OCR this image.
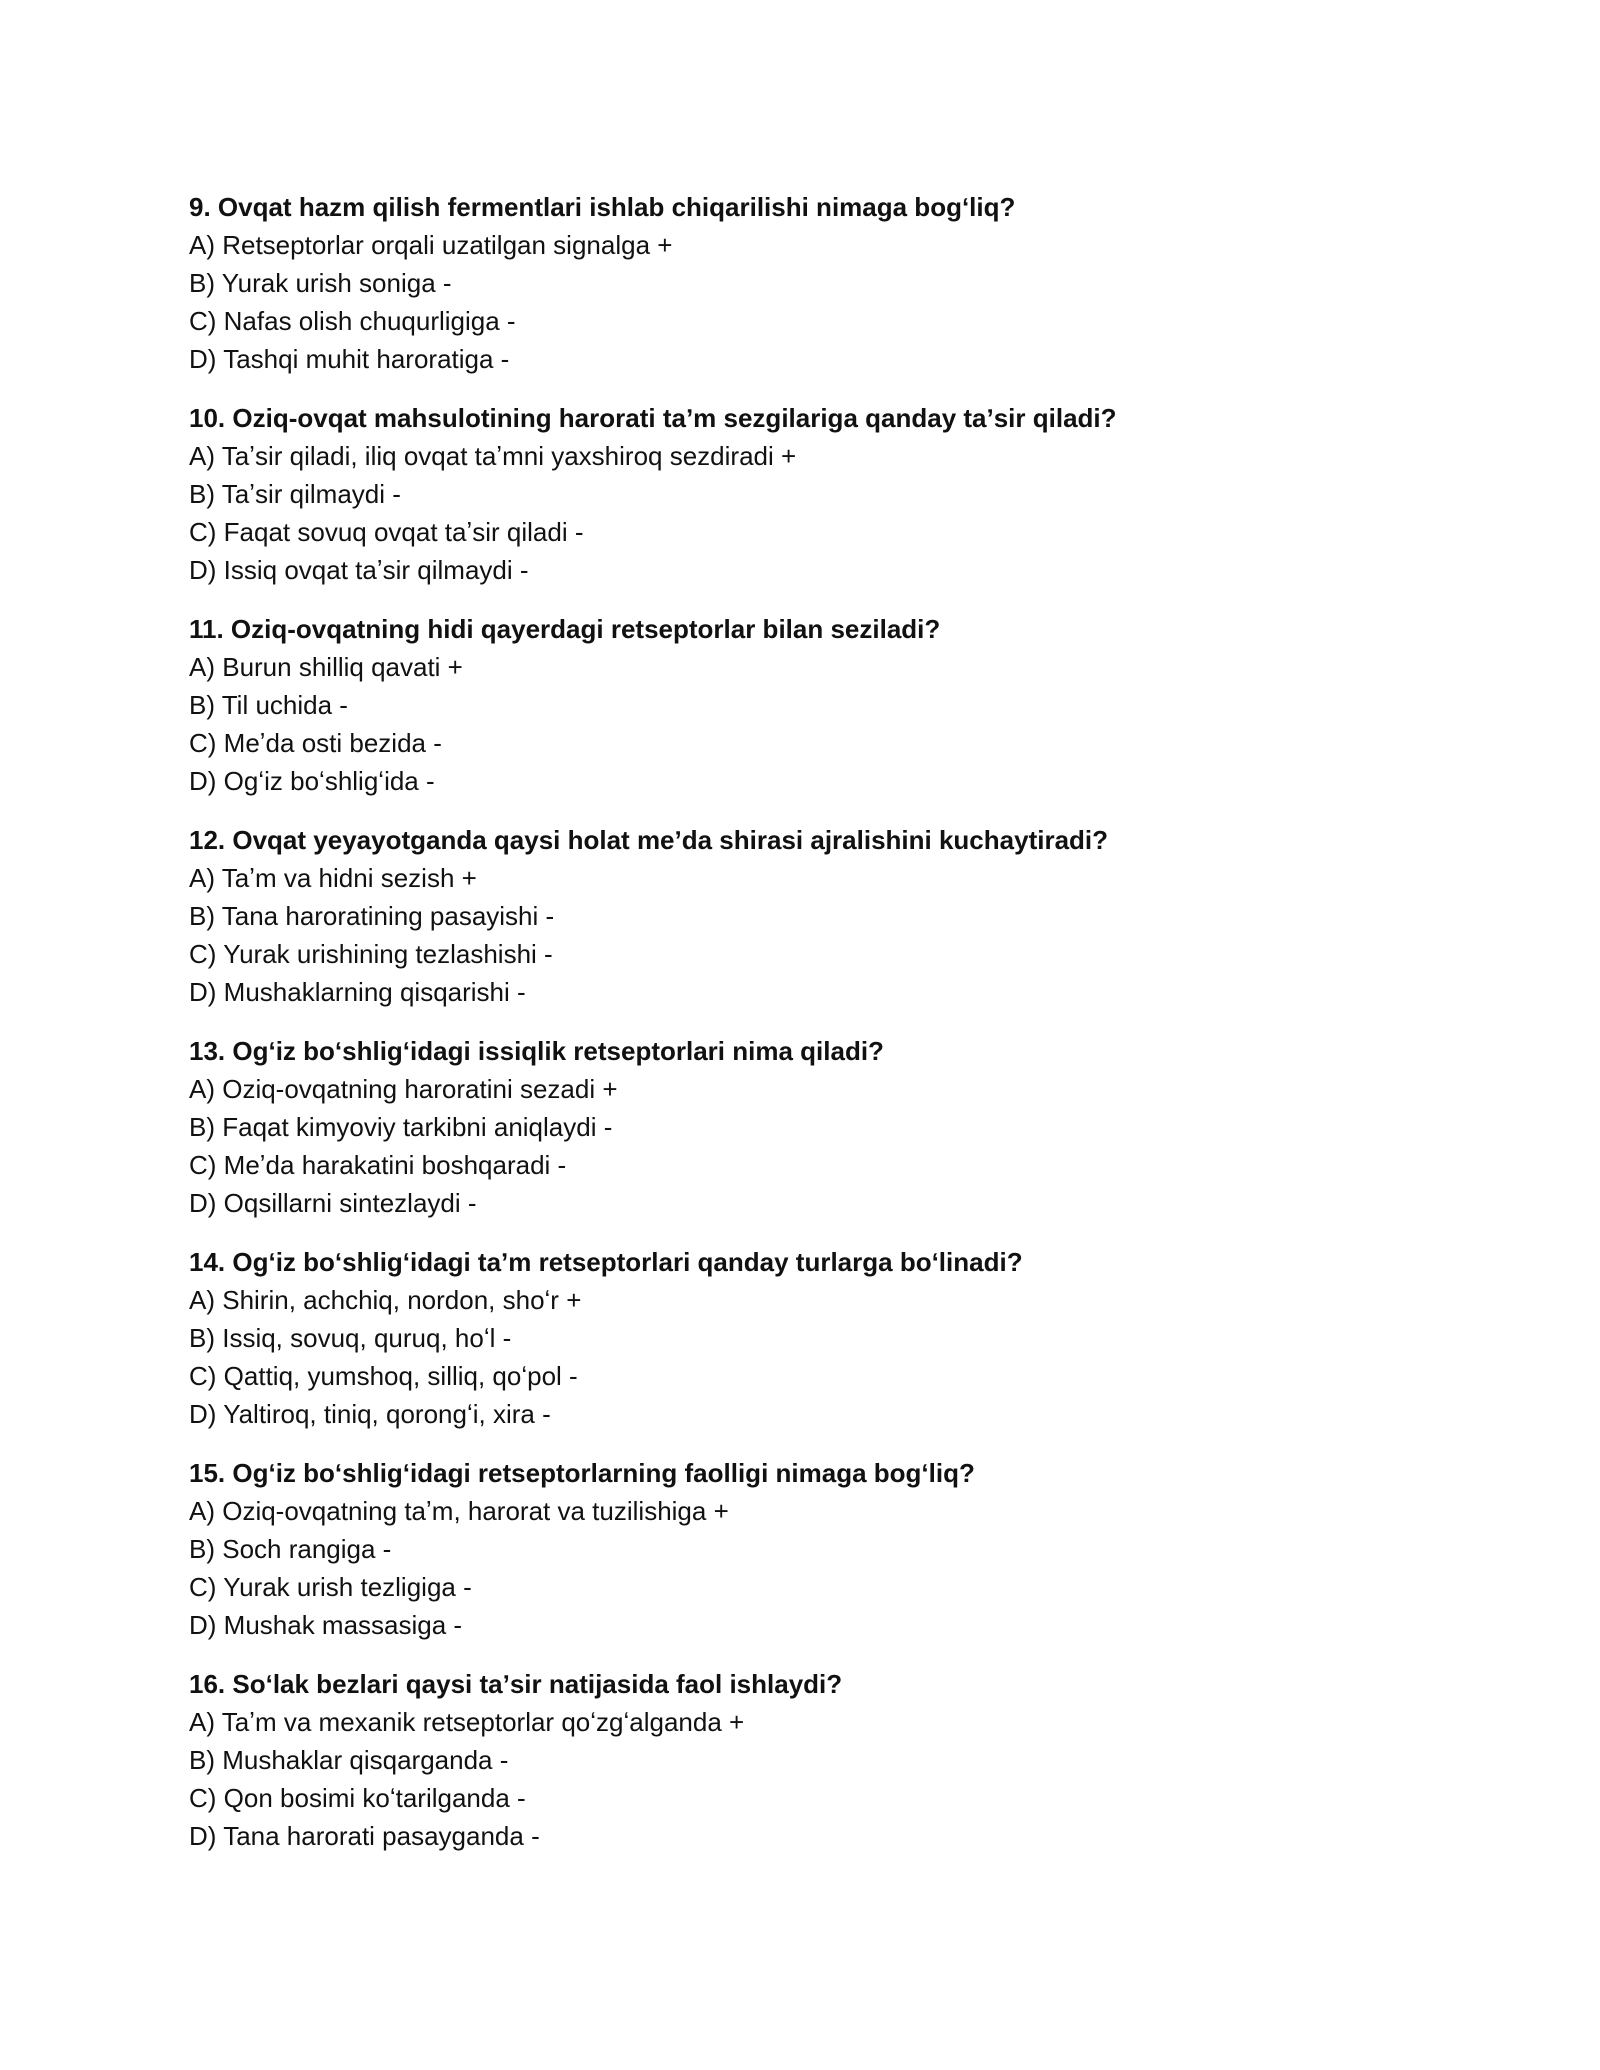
9. Ovqat hazm qilish fermentlari ishlab chiqarilishi nimaga bogʻliq?
A) Retseptorlar orqali uzatilgan signalga +
B) Yurak urish soniga -
C) Nafas olish chuqurligiga -
D) Tashqi muhit haroratiga -
10. Oziq-ovqat mahsulotining harorati taʼm sezgilariga qanday taʼsir qiladi?
A) Taʼsir qiladi, iliq ovqat taʼmni yaxshiroq sezdiradi +
B) Taʼsir qilmaydi -
C) Faqat sovuq ovqat taʼsir qiladi -
D) Issiq ovqat taʼsir qilmaydi -
11. Oziq-ovqatning hidi qayerdagi retseptorlar bilan seziladi?
A) Burun shilliq qavati +
B) Til uchida -
C) Meʼda osti bezida -
D) Ogʻiz boʻshligʻida -
12. Ovqat yeyayotganda qaysi holat meʼda shirasi ajralishini kuchaytiradi?
A) Taʼm va hidni sezish +
B) Tana haroratining pasayishi -
C) Yurak urishining tezlashishi -
D) Mushaklarning qisqarishi -
13. Ogʻiz boʻshligʻidagi issiqlik retseptorlari nima qiladi?
A) Oziq-ovqatning haroratini sezadi +
B) Faqat kimyoviy tarkibni aniqlaydi -
C) Meʼda harakatini boshqaradi -
D) Oqsillarni sintezlaydi -
14. Ogʻiz boʻshligʻidagi taʼm retseptorlari qanday turlarga boʻlinadi?
A) Shirin, achchiq, nordon, shoʻr +
B) Issiq, sovuq, quruq, hoʻl -
C) Qattiq, yumshoq, silliq, qoʻpol -
D) Yaltiroq, tiniq, qorongʻi, xira -
15. Ogʻiz boʻshligʻidagi retseptorlarning faolligi nimaga bogʻliq?
A) Oziq-ovqatning taʼm, harorat va tuzilishiga +
B) Soch rangiga -
C) Yurak urish tezligiga -
D) Mushak massasiga -
16. Soʻlak bezlari qaysi taʼsir natijasida faol ishlaydi?
A) Taʼm va mexanik retseptorlar qoʻzgʻalganda +
B) Mushaklar qisqarganda -
C) Qon bosimi koʻtarilganda -
D) Tana harorati pasayganda -
